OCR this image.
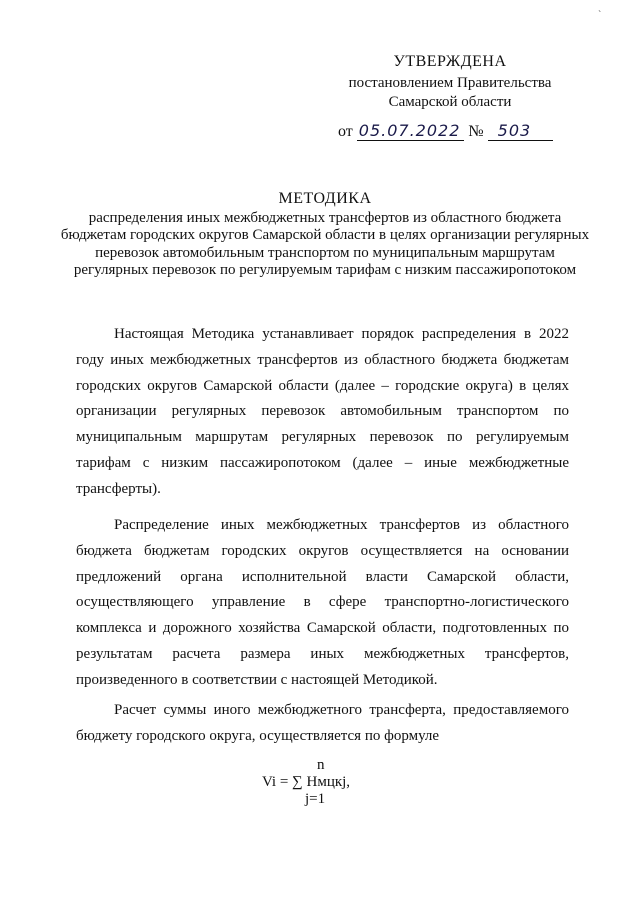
ˋ
УТВЕРЖДЕНА
постановлением Правительства
Самарской области
от 05.07.2022 № 503
МЕТОДИКА
распределения иных межбюджетных трансфертов из областного бюджета бюджетам городских округов Самарской области в целях организации регулярных перевозок автомобильным транспортом по муниципальным маршрутам регулярных перевозок по регулируемым тарифам с низким пассажиропотоком

Настоящая Методика устанавливает порядок распределения в 2022 году иных межбюджетных трансфертов из областного бюджета бюджетам городских округов Самарской области (далее – городские округа) в целях организации регулярных перевозок автомобильным транспортом по муниципальным маршрутам регулярных перевозок по регулируемым тарифам с низким пассажиропотоком (далее – иные межбюджетные трансферты).

Распределение иных межбюджетных трансфертов из областного бюджета бюджетам городских округов осуществляется на основании предложений органа исполнительной власти Самарской области, осуществляющего управление в сфере транспортно-логистического комплекса и дорожного хозяйства Самарской области, подготовленных по результатам расчета размера иных межбюджетных трансфертов, произведенного в соответствии с настоящей Методикой.

Расчет суммы иного межбюджетного трансферта, предоставляемого бюджету городского округа, осуществляется по формуле

n
Vi = ∑ Нмцкj,
j=1
